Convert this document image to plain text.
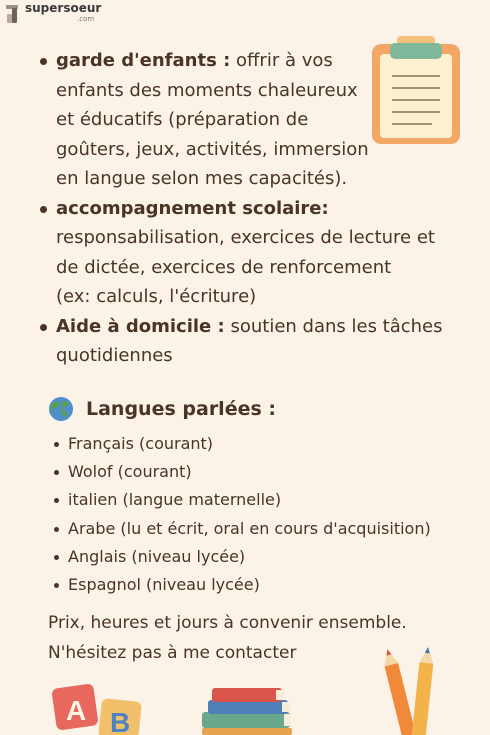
supersoeur
.com
garde d'enfants : offrir à vos
enfants des moments chaleureux
et éducatifs (préparation de
goûters, jeux, activités, immersion
en langue selon mes capacités).
accompagnement scolaire:
responsabilisation, exercices de lecture et
de dictée, exercices de renforcement
(ex: calculs, l'écriture)
Aide à domicile : soutien dans les tâches
quotidiennes
Langues parlées :
Français (courant)
Wolof (courant)
italien (langue maternelle)
Arabe (lu et écrit, oral en cours d'acquisition)
Anglais (niveau lycée)
Espagnol (niveau lycée)
Prix, heures et jours à convenir ensemble.
N'hésitez pas à me contacter
A B
